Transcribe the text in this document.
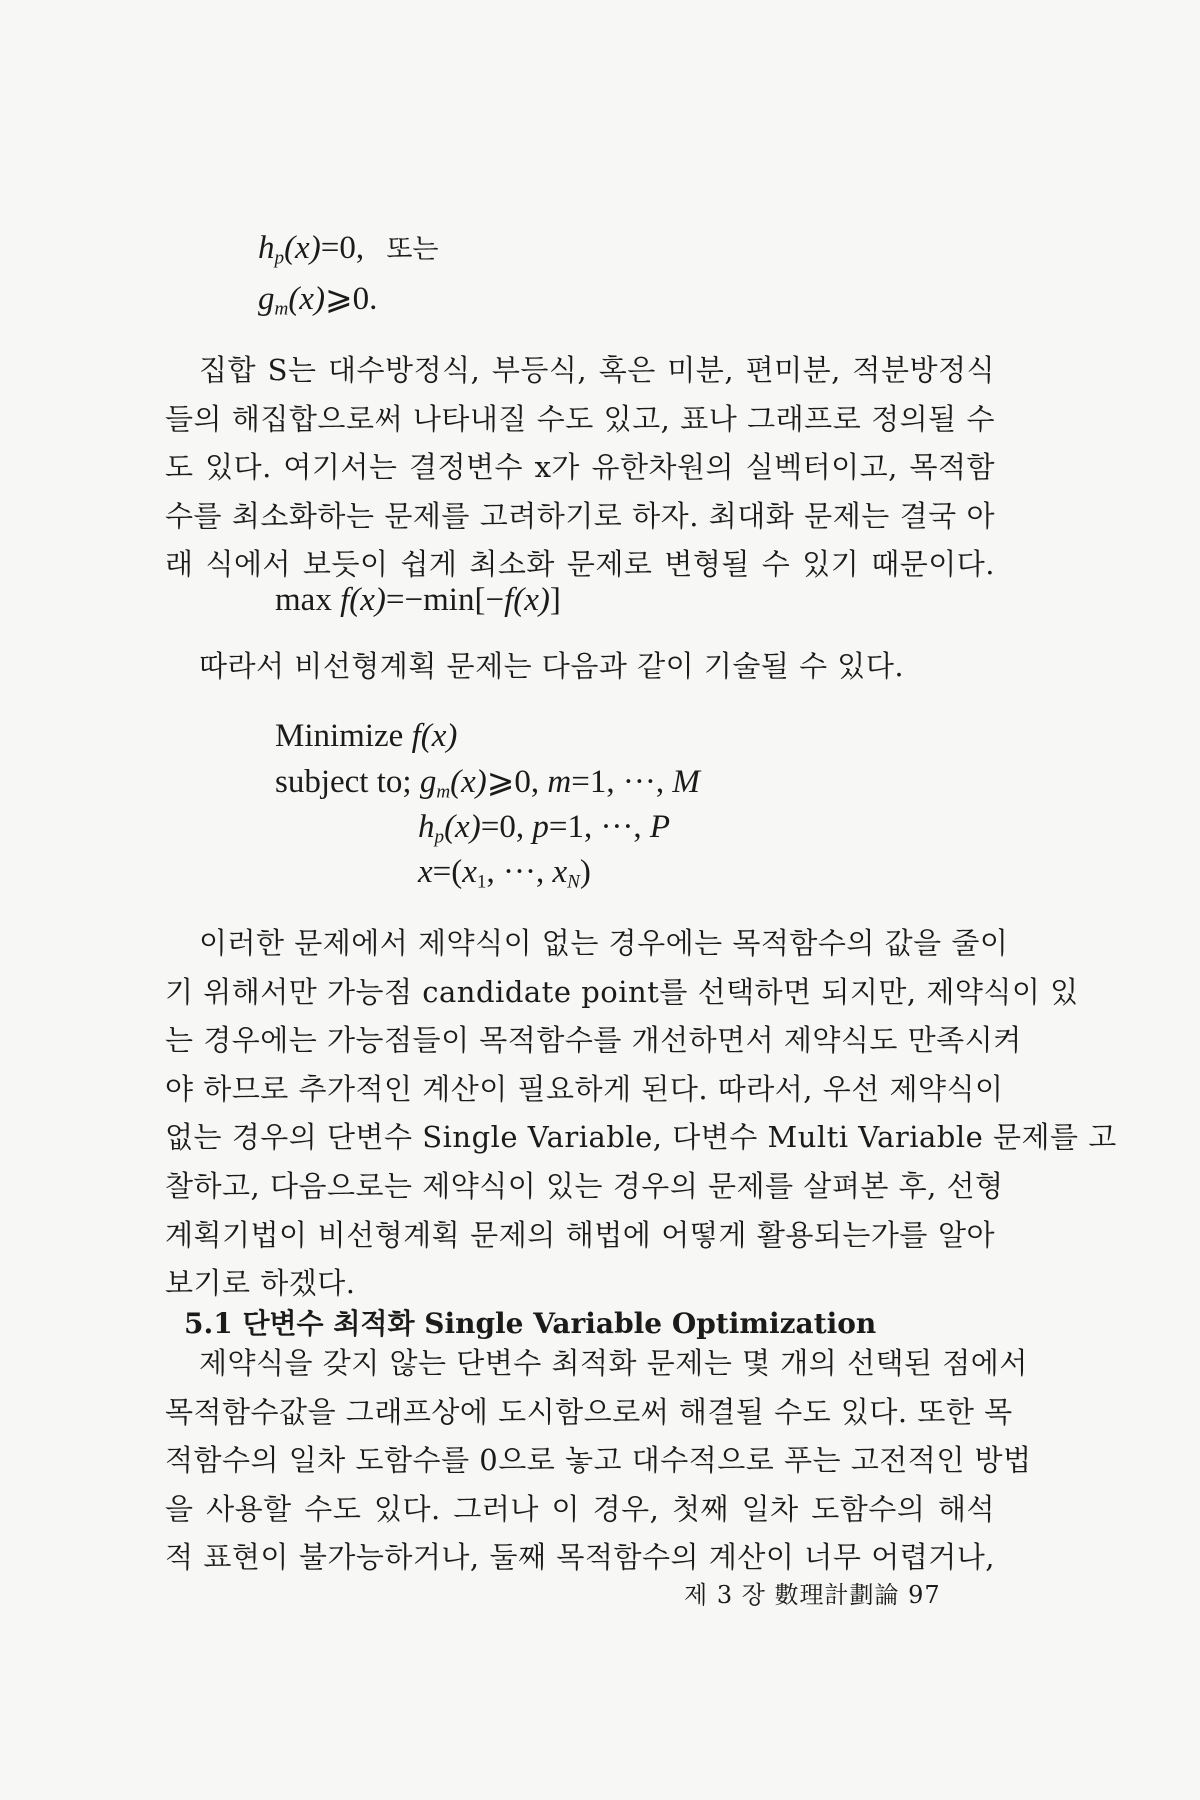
$h_p(x)=0$, 또는
$g_m(x)⩾0$.
집합 S는 대수방정식, 부등식, 혹은 미분, 편미분, 적분방정식
들의 해집합으로써 나타내질 수도 있고, 표나 그래프로 정의될 수
도 있다. 여기서는 결정변수 x가 유한차원의 실벡터이고, 목적함
수를 최소화하는 문제를 고려하기로 하자. 최대화 문제는 결국 아
래 식에서 보듯이 쉽게 최소화 문제로 변형될 수 있기 때문이다.
max f(x)=−min[−f(x)]
따라서 비선형계획 문제는 다음과 같이 기술될 수 있다.
Minimize f(x)
subject to; $g_m(x)⩾0$, m=1, ···, M
$h_p(x)=0$, p=1, ···, P
$x=(x_1$, ···, $x_N$)
이러한 문제에서 제약식이 없는 경우에는 목적함수의 값을 줄이
기 위해서만 가능점 candidate point를 선택하면 되지만, 제약식이 있
는 경우에는 가능점들이 목적함수를 개선하면서 제약식도 만족시켜
야 하므로 추가적인 계산이 필요하게 된다. 따라서, 우선 제약식이
없는 경우의 단변수 Single Variable, 다변수 Multi Variable 문제를 고
찰하고, 다음으로는 제약식이 있는 경우의 문제를 살펴본 후, 선형
계획기법이 비선형계획 문제의 해법에 어떻게 활용되는가를 알아
보기로 하겠다.
5.1 단변수 최적화 Single Variable Optimization
제약식을 갖지 않는 단변수 최적화 문제는 몇 개의 선택된 점에서
목적함수값을 그래프상에 도시함으로써 해결될 수도 있다. 또한 목
적함수의 일차 도함수를 0으로 놓고 대수적으로 푸는 고전적인 방법
을 사용할 수도 있다. 그러나 이 경우, 첫째 일차 도함수의 해석
적 표현이 불가능하거나, 둘째 목적함수의 계산이 너무 어렵거나,
제 3 장 數理計劃論 97
